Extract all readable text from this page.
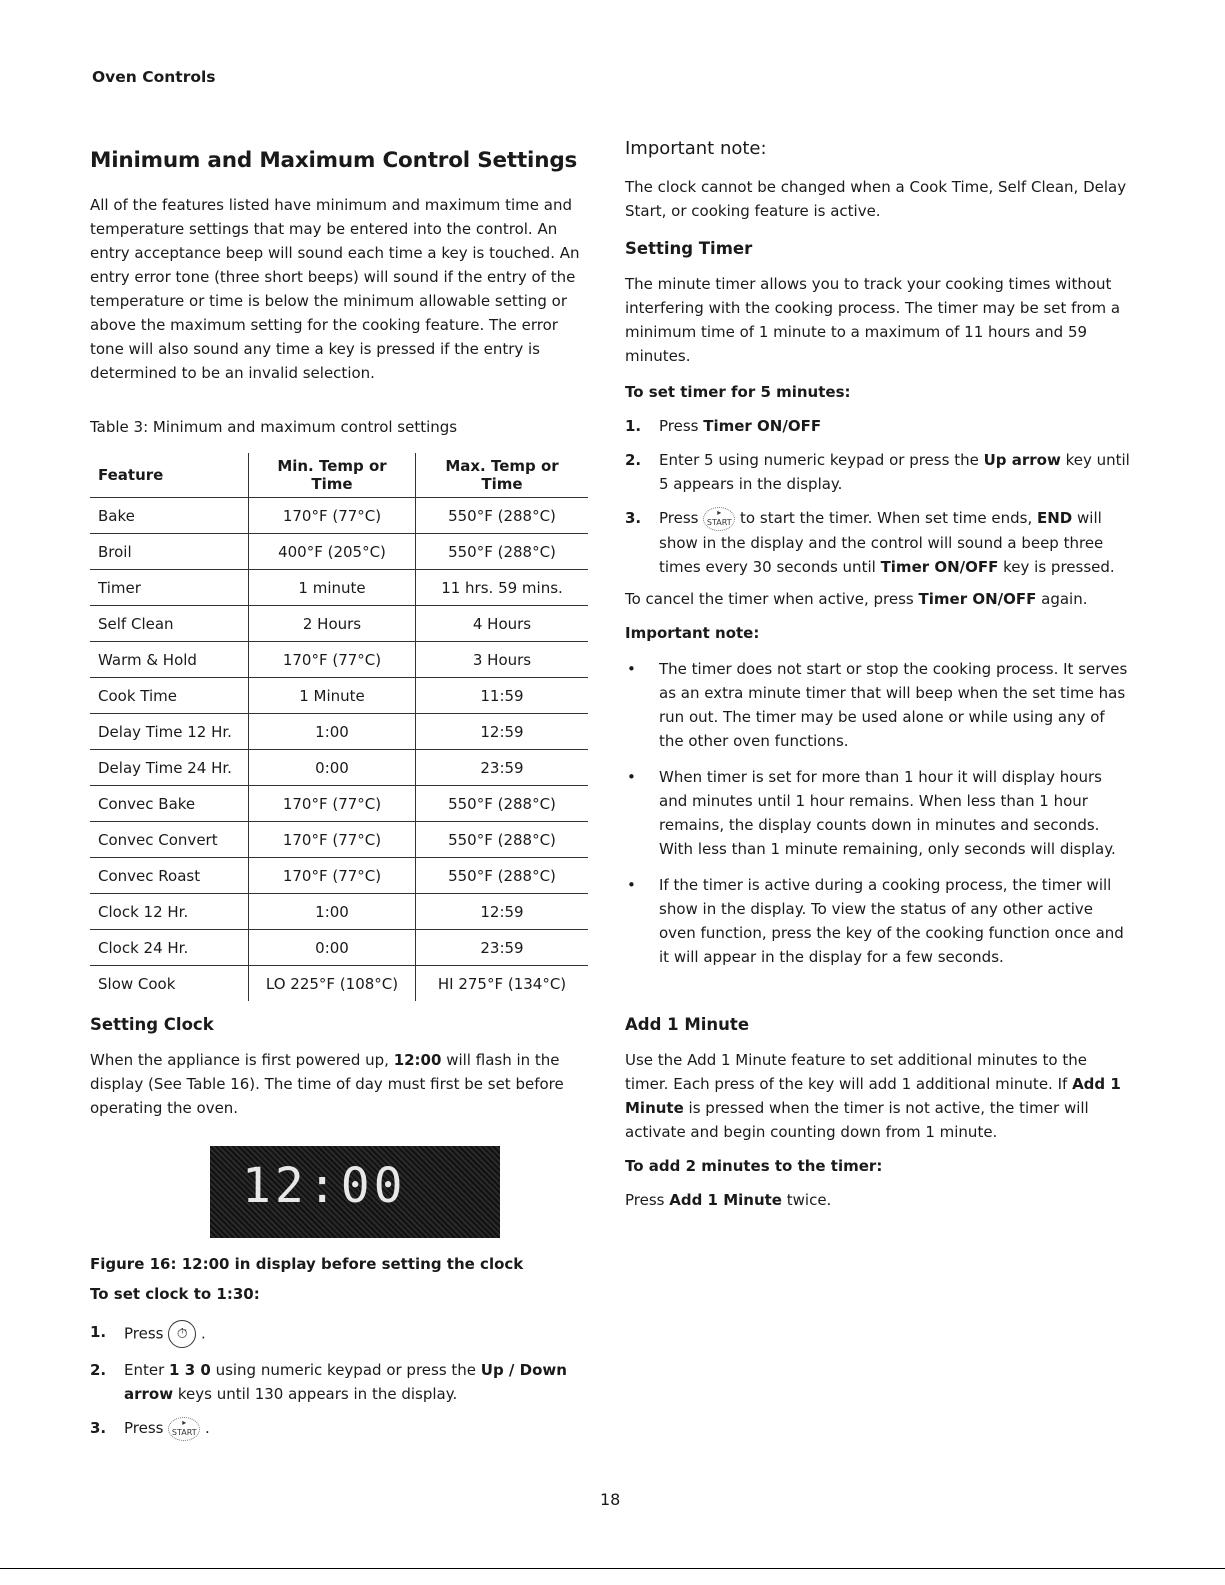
Oven Controls
Minimum and Maximum Control Settings

All of the features listed have minimum and maximum time and temperature settings that may be entered into the control. An entry acceptance beep will sound each time a key is touched. An entry error tone (three short beeps) will sound if the entry of the temperature or time is below the minimum allowable setting or above the maximum setting for the cooking feature. The error tone will also sound any time a key is pressed if the entry is determined to be an invalid selection.

Table 3: Minimum and maximum control settings

Feature	Min. Temp or Time	Max. Temp or Time
Bake	170°F (77°C)	550°F (288°C)
Broil	400°F (205°C)	550°F (288°C)
Timer	1 minute	11 hrs. 59 mins.
Self Clean	2 Hours	4 Hours
Warm & Hold	170°F (77°C)	3 Hours
Cook Time	1 Minute	11:59
Delay Time 12 Hr.	1:00	12:59
Delay Time 24 Hr.	0:00	23:59
Convec Bake	170°F (77°C)	550°F (288°C)
Convec Convert	170°F (77°C)	550°F (288°C)
Convec Roast	170°F (77°C)	550°F (288°C)
Clock 12 Hr.	1:00	12:59
Clock 24 Hr.	0:00	23:59
Slow Cook	LO 225°F (108°C)	HI 275°F (134°C)
Setting Clock

When the appliance is first powered up, 12:00 will flash in the display (See Table 16). The time of day must first be set before operating the oven.

12:00

Figure 16: 12:00 in display before setting the clock

To set clock to 1:30:

1. Press ⏱ .
2. Enter 1 3 0 using numeric keypad or press the Up / Down arrow keys until 130 appears in the display.
3. Press ▸
START .
Important note:

The clock cannot be changed when a Cook Time, Self Clean, Delay Start, or cooking feature is active.

Setting Timer

The minute timer allows you to track your cooking times without interfering with the cooking process. The timer may be set from a minimum time of 1 minute to a maximum of 11 hours and 59 minutes.

To set timer for 5 minutes:

1. Press Timer ON/OFF
2. Enter 5 using numeric keypad or press the Up arrow key until 5 appears in the display.
3. Press ▸
START to start the timer. When set time ends, END will show in the display and the control will sound a beep three times every 30 seconds until Timer ON/OFF key is pressed.

To cancel the timer when active, press Timer ON/OFF again.

Important note:

• The timer does not start or stop the cooking process. It serves as an extra minute timer that will beep when the set time has run out. The timer may be used alone or while using any of the other oven functions.
• When timer is set for more than 1 hour it will display hours and minutes until 1 hour remains. When less than 1 hour remains, the display counts down in minutes and seconds. With less than 1 minute remaining, only seconds will display.
• If the timer is active during a cooking process, the timer will show in the display. To view the status of any other active oven function, press the key of the cooking function once and it will appear in the display for a few seconds.
Add 1 Minute

Use the Add 1 Minute feature to set additional minutes to the timer. Each press of the key will add 1 additional minute. If Add 1 Minute is pressed when the timer is not active, the timer will activate and begin counting down from 1 minute.

To add 2 minutes to the timer:

Press Add 1 Minute twice.

18
